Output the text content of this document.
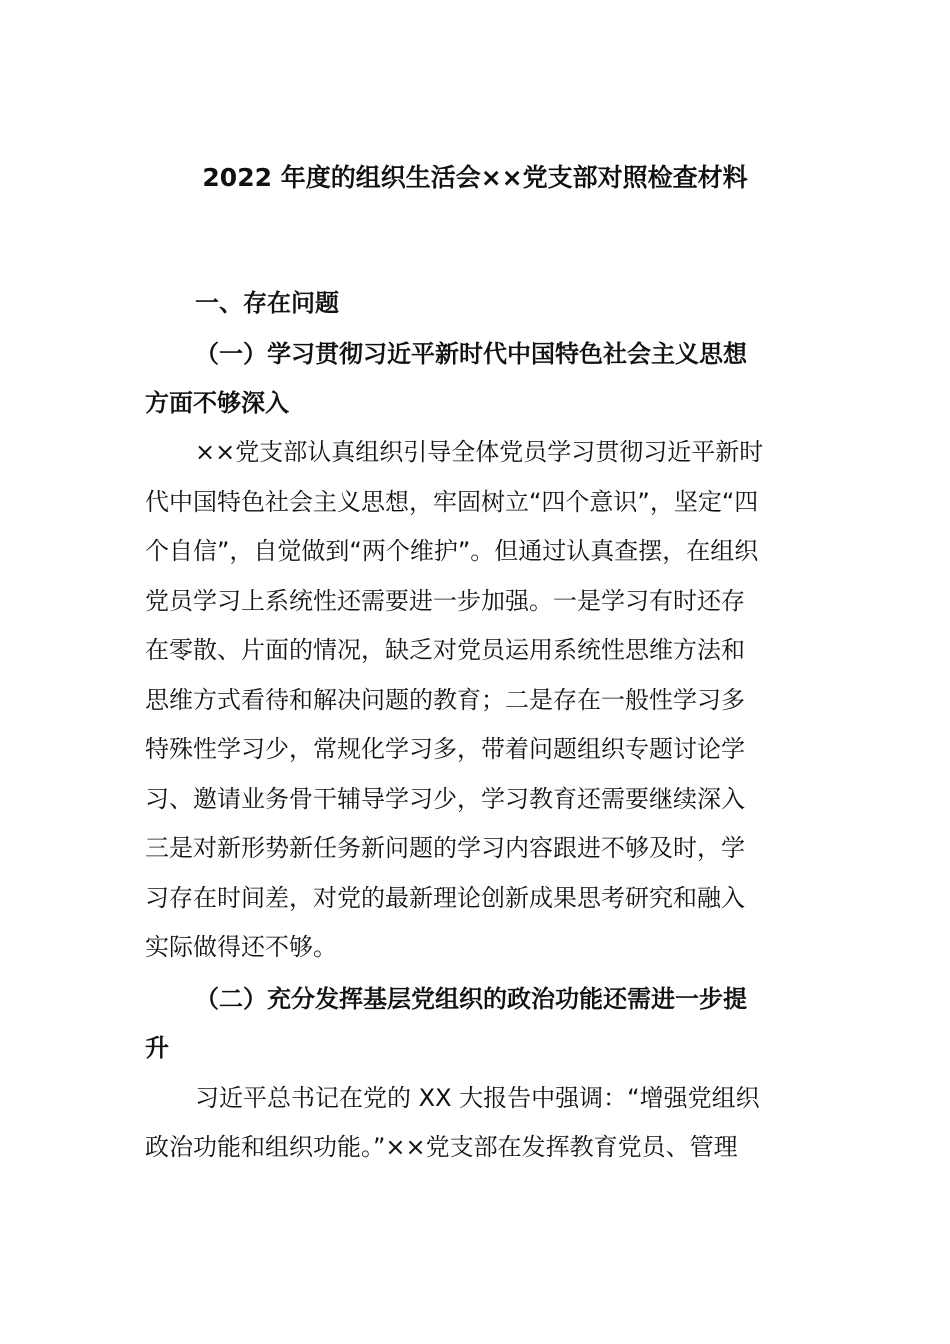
2022 年度的组织生活会××党支部对照检查材料
一、存在问题
（一）学习贯彻习近平新时代中国特色社会主义思想
方面不够深入
××党支部认真组织引导全体党员学习贯彻习近平新时
代中国特色社会主义思想，牢固树立“四个意识”，坚定“四
个自信”，自觉做到“两个维护”。但通过认真查摆，在组织
党员学习上系统性还需要进一步加强。一是学习有时还存
在零散、片面的情况，缺乏对党员运用系统性思维方法和
思维方式看待和解决问题的教育；二是存在一般性学习多
特殊性学习少，常规化学习多，带着问题组织专题讨论学
习、邀请业务骨干辅导学习少，学习教育还需要继续深入
三是对新形势新任务新问题的学习内容跟进不够及时，学
习存在时间差，对党的最新理论创新成果思考研究和融入
实际做得还不够。
（二）充分发挥基层党组织的政治功能还需进一步提
升
习近平总书记在党的 XX 大报告中强调：“增强党组织
政治功能和组织功能。”××党支部在发挥教育党员、管理
